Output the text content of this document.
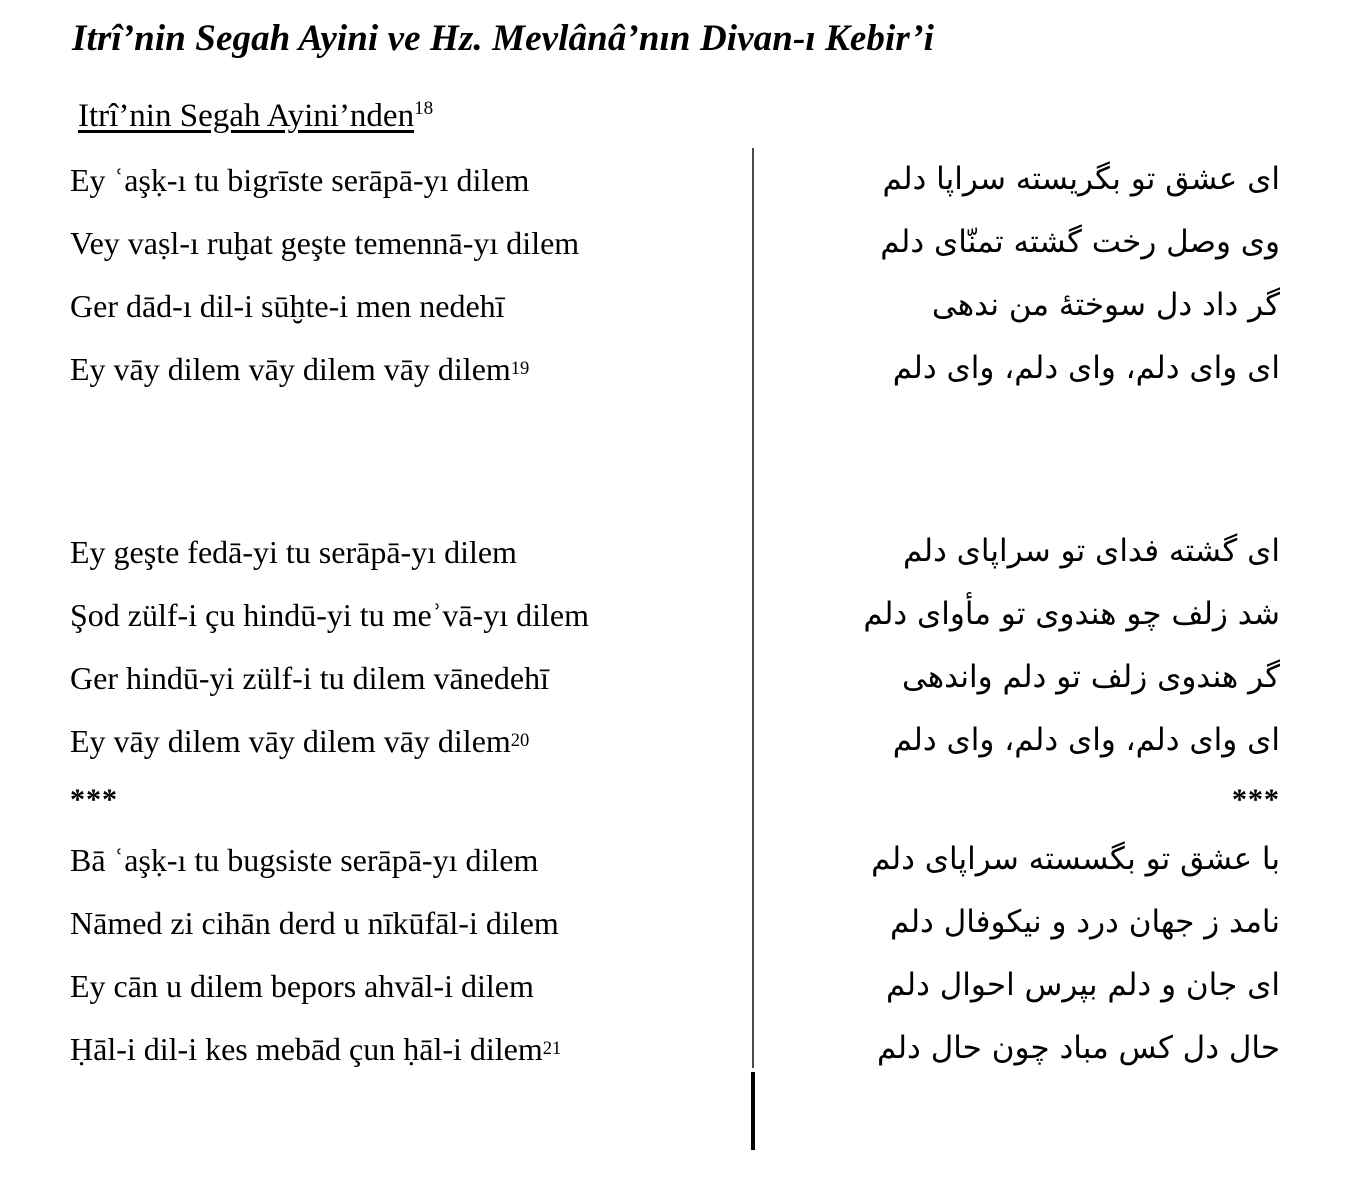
Itrî’nin Segah Ayini ve Hz. Mevlânâ’nın Divan-ı Kebir’i
Itrî’nin Segah Ayini’nden$^{18}$
Ey ʿaşḳ-ı tu bigrīste serāpā-yı dilem
Vey vaṣl-ı ruḫat geşte temennā-yı dilem
Ger dād-ı dil-i sūḫte-i men nedehī
Ey vāy dilem vāy dilem vāy dilem 19
Ey geşte fedā-yi tu serāpā-yı dilem
Şod zülf-i çu hindū-yi tu meʾvā-yı dilem
Ger hindū-yi zülf-i tu dilem vānedehī
Ey vāy dilem vāy dilem vāy dilem 20
***
Bā ʿaşḳ-ı tu bugsiste serāpā-yı dilem
Nāmed zi cihān derd u nīkūfāl-i dilem
Ey cān u dilem bepors ahvāl-i dilem
Ḥāl-i dil-i kes mebād çun ḥāl-i dilem 21
ای عشق تو بگریسته سراپا دلم
وی وصل رخت گشته تمنّای دلم
گر داد دل سوختۀ من ندهی
ای وای دلم، وای دلم، وای دلم
ای گشته فدای تو سراپای دلم
شد زلف چو هندوی تو مأوای دلم
گر هندوی زلف تو دلم واندهی
ای وای دلم، وای دلم، وای دلم
***
با عشق تو بگسسته سراپای دلم
نامد ز جهان درد و نیکوفال دلم
ای جان و دلم بپرس احوال دلم
حال دل کس مباد چون حال دلم
